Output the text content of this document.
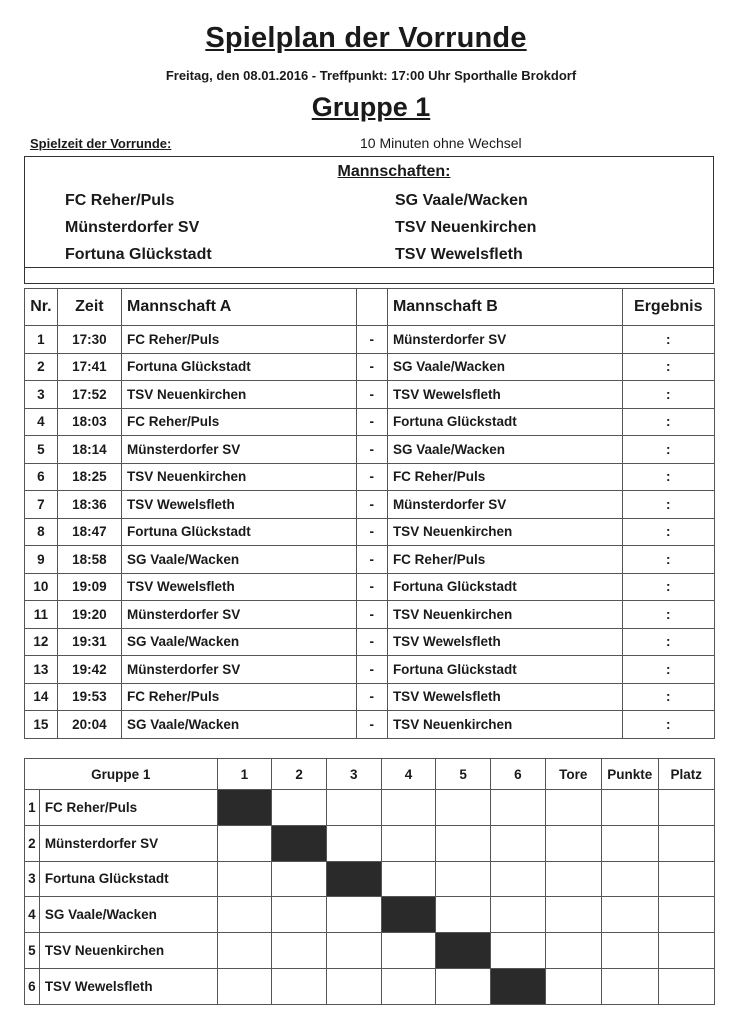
Spielplan der Vorrunde
Freitag, den 08.01.2016 - Treffpunkt: 17:00 Uhr Sporthalle Brokdorf
Gruppe 1
Spielzeit der Vorrunde:	10 Minuten ohne Wechsel
Mannschaften:
FC Reher/Puls
Münsterdorfer SV
Fortuna Glückstadt
SG Vaale/Wacken
TSV Neuenkirchen
TSV Wewelsfleth
Nr.	Zeit	Mannschaft A		Mannschaft B	Ergebnis
1	17:30	FC Reher/Puls	-	Münsterdorfer SV	:
2	17:41	Fortuna Glückstadt	-	SG Vaale/Wacken	:
3	17:52	TSV Neuenkirchen	-	TSV Wewelsfleth	:
4	18:03	FC Reher/Puls	-	Fortuna Glückstadt	:
5	18:14	Münsterdorfer SV	-	SG Vaale/Wacken	:
6	18:25	TSV Neuenkirchen	-	FC Reher/Puls	:
7	18:36	TSV Wewelsfleth	-	Münsterdorfer SV	:
8	18:47	Fortuna Glückstadt	-	TSV Neuenkirchen	:
9	18:58	SG Vaale/Wacken	-	FC Reher/Puls	:
10	19:09	TSV Wewelsfleth	-	Fortuna Glückstadt	:
11	19:20	Münsterdorfer SV	-	TSV Neuenkirchen	:
12	19:31	SG Vaale/Wacken	-	TSV Wewelsfleth	:
13	19:42	Münsterdorfer SV	-	Fortuna Glückstadt	:
14	19:53	FC Reher/Puls	-	TSV Wewelsfleth	:
15	20:04	SG Vaale/Wacken	-	TSV Neuenkirchen	:
Gruppe 1		1	2	3	4	5	6	Tore	Punkte	Platz
1	FC Reher/Puls									
2	Münsterdorfer SV									
3	Fortuna Glückstadt									
4	SG Vaale/Wacken									
5	TSV Neuenkirchen									
6	TSV Wewelsfleth									
